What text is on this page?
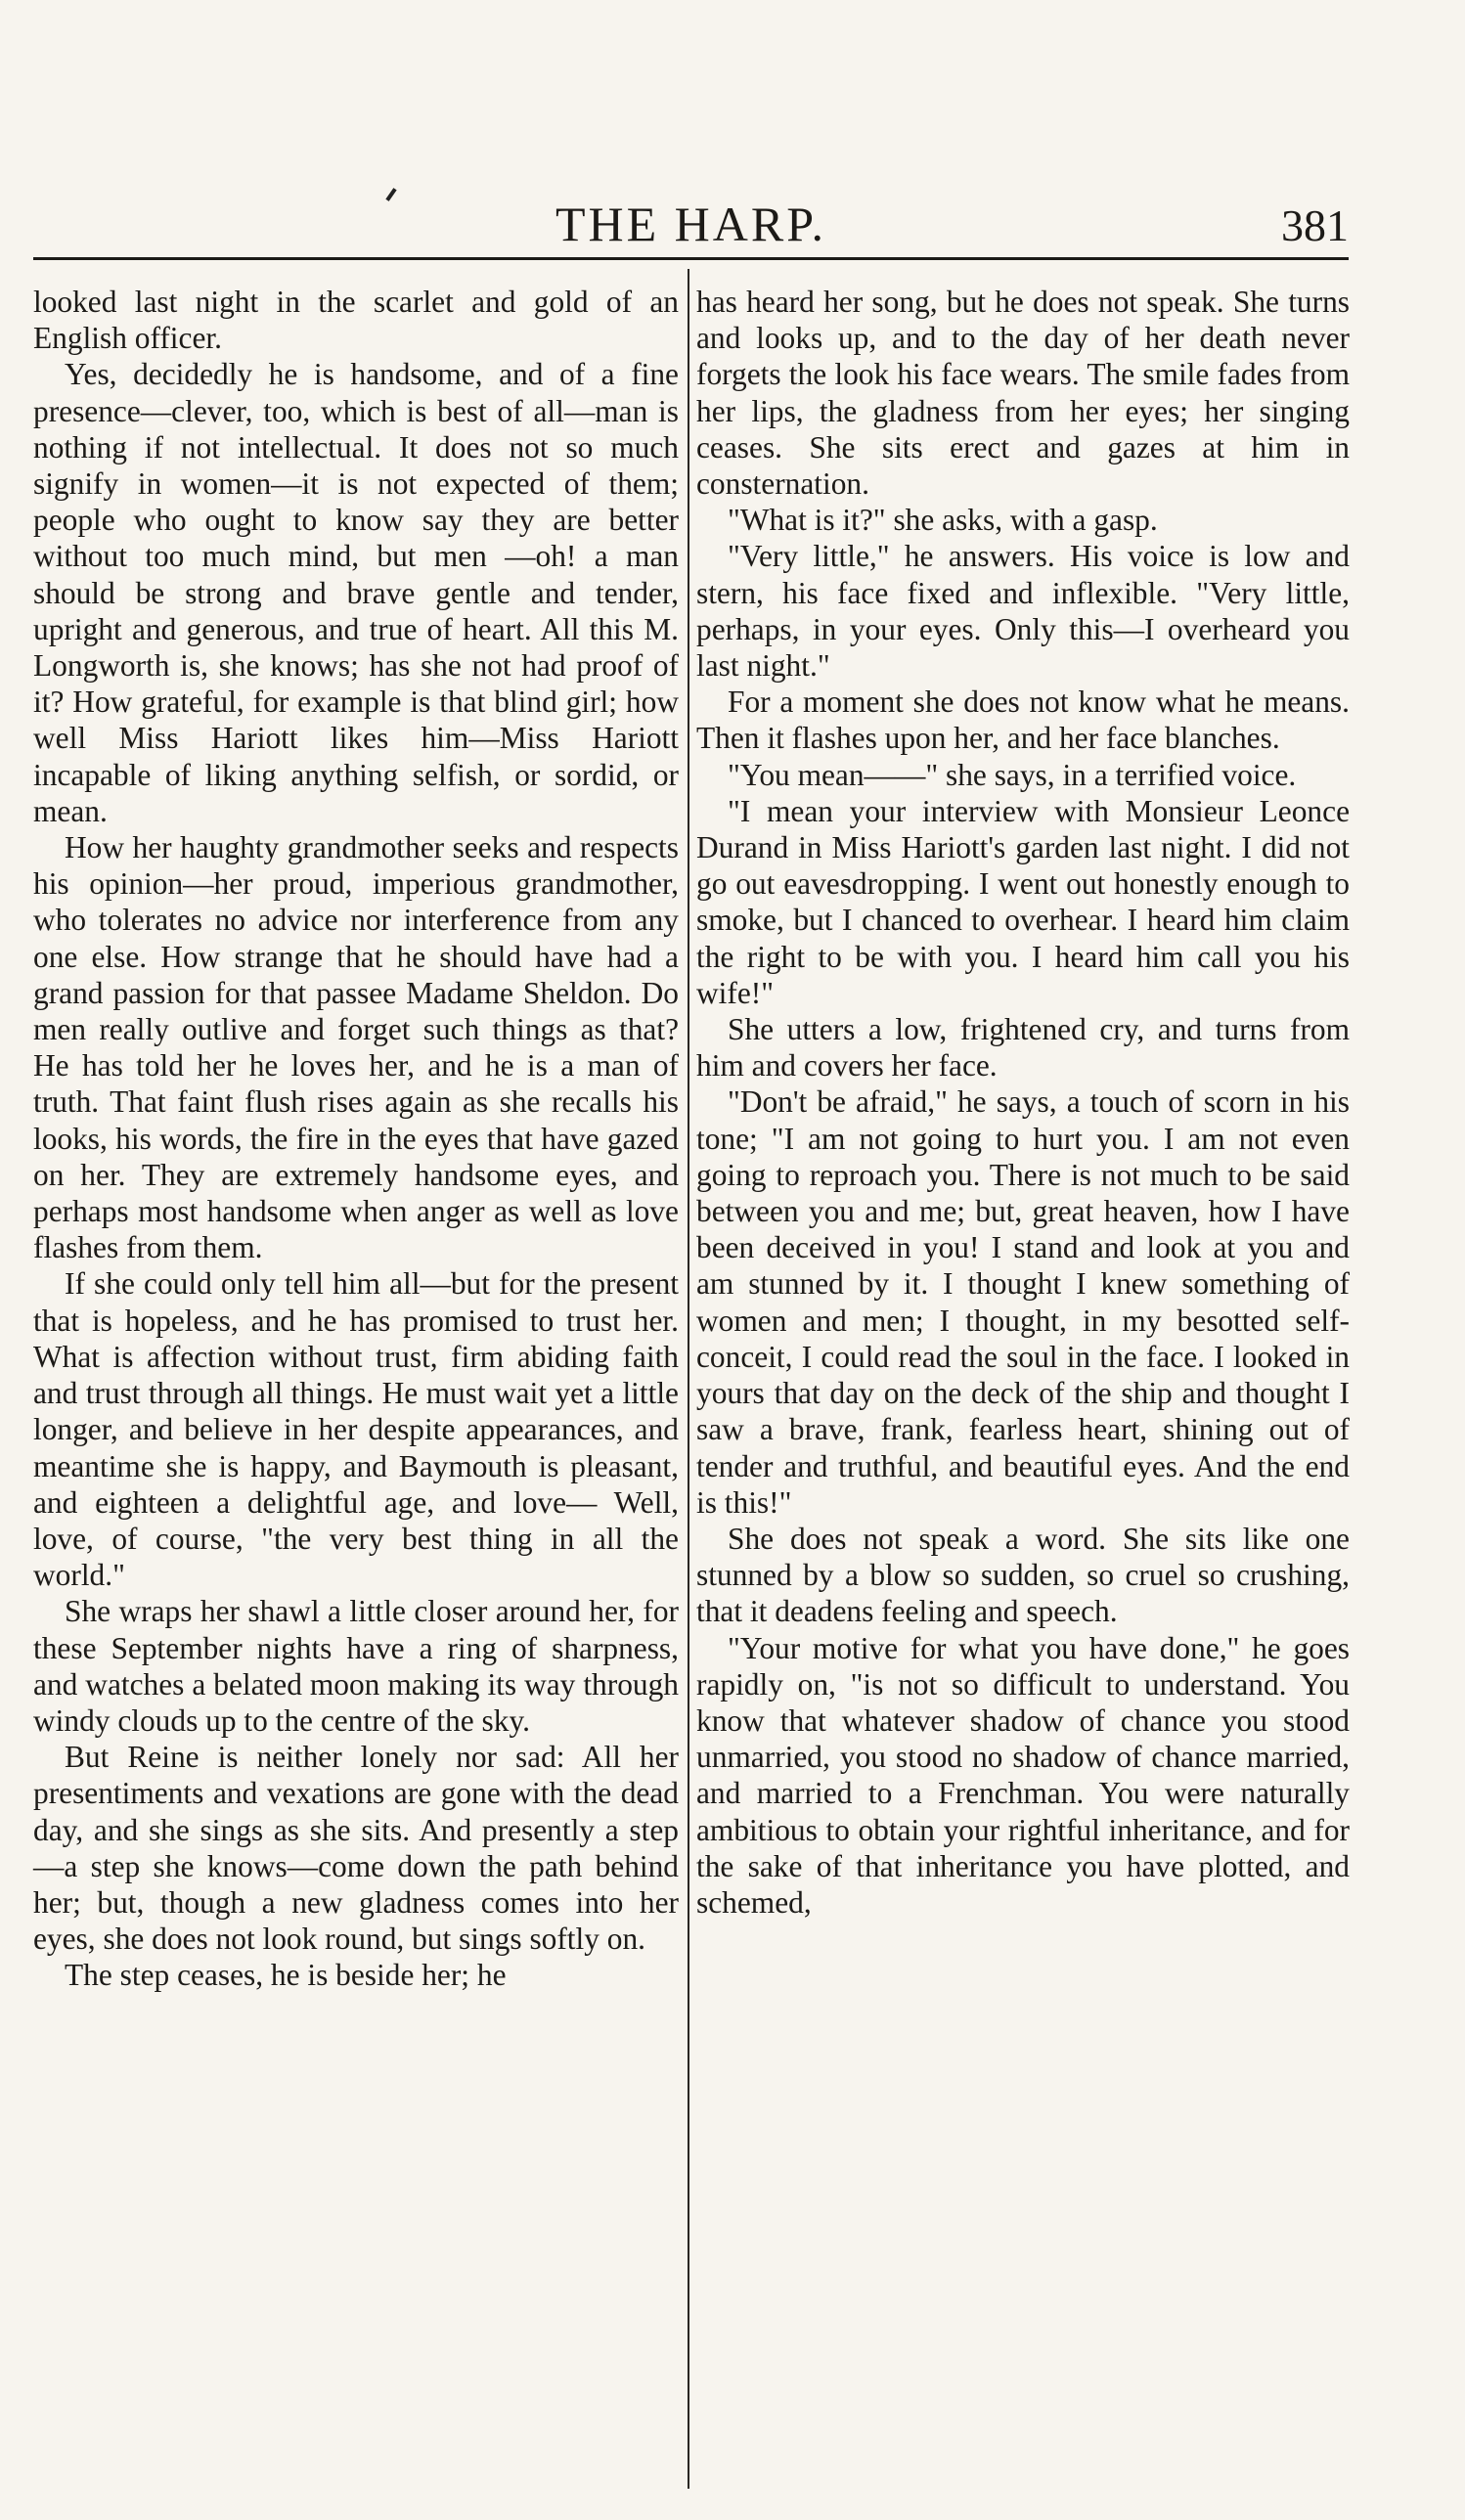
THE HARP.	381

looked last night in the scarlet and gold of an English officer.

Yes, decidedly he is handsome, and of a fine presence—clever, too, which is best of all—man is nothing if not intellectual. It does not so much signify in women—it is not expected of them; people who ought to know say they are better without too much mind, but men —oh! a man should be strong and brave gentle and tender, upright and generous, and true of heart. All this M. Longworth is, she knows; has she not had proof of it? How grateful, for example is that blind girl; how well Miss Hariott likes him—Miss Hariott incapable of liking anything selfish, or sordid, or mean.

How her haughty grandmother seeks and respects his opinion—her proud, imperious grandmother, who tolerates no advice nor interference from any one else. How strange that he should have had a grand passion for that passee Madame Sheldon. Do men really outlive and forget such things as that? He has told her he loves her, and he is a man of truth. That faint flush rises again as she recalls his looks, his words, the fire in the eyes that have gazed on her. They are extremely handsome eyes, and perhaps most handsome when anger as well as love flashes from them.

If she could only tell him all—but for the present that is hopeless, and he has promised to trust her. What is affection without trust, firm abiding faith and trust through all things. He must wait yet a little longer, and believe in her despite appearances, and meantime she is happy, and Baymouth is pleasant, and eighteen a delightful age, and love— Well, love, of course, "the very best thing in all the world."

She wraps her shawl a little closer around her, for these September nights have a ring of sharpness, and watches a belated moon making its way through windy clouds up to the centre of the sky.

But Reine is neither lonely nor sad: All her presentiments and vexations are gone with the dead day, and she sings as she sits. And presently a step—a step she knows—come down the path behind her; but, though a new gladness comes into her eyes, she does not look round, but sings softly on.

The step ceases, he is beside her; he

has heard her song, but he does not speak. She turns and looks up, and to the day of her death never forgets the look his face wears. The smile fades from her lips, the gladness from her eyes; her singing ceases. She sits erect and gazes at him in consternation.

"What is it?" she asks, with a gasp.

"Very little," he answers. His voice is low and stern, his face fixed and inflexible. "Very little, perhaps, in your eyes. Only this—I overheard you last night."

For a moment she does not know what he means. Then it flashes upon her, and her face blanches.

"You mean——" she says, in a terrified voice.

"I mean your interview with Monsieur Leonce Durand in Miss Hariott's garden last night. I did not go out eavesdropping. I went out honestly enough to smoke, but I chanced to overhear. I heard him claim the right to be with you. I heard him call you his wife!"

She utters a low, frightened cry, and turns from him and covers her face.

"Don't be afraid," he says, a touch of scorn in his tone; "I am not going to hurt you. I am not even going to reproach you. There is not much to be said between you and me; but, great heaven, how I have been deceived in you! I stand and look at you and am stunned by it. I thought I knew something of women and men; I thought, in my besotted self-conceit, I could read the soul in the face. I looked in yours that day on the deck of the ship and thought I saw a brave, frank, fearless heart, shining out of tender and truthful, and beautiful eyes. And the end is this!"

She does not speak a word. She sits like one stunned by a blow so sudden, so cruel so crushing, that it deadens feeling and speech.

"Your motive for what you have done," he goes rapidly on, "is not so difficult to understand. You know that whatever shadow of chance you stood unmarried, you stood no shadow of chance married, and married to a Frenchman. You were naturally ambitious to obtain your rightful inheritance, and for the sake of that inheritance you have plotted, and schemed,
